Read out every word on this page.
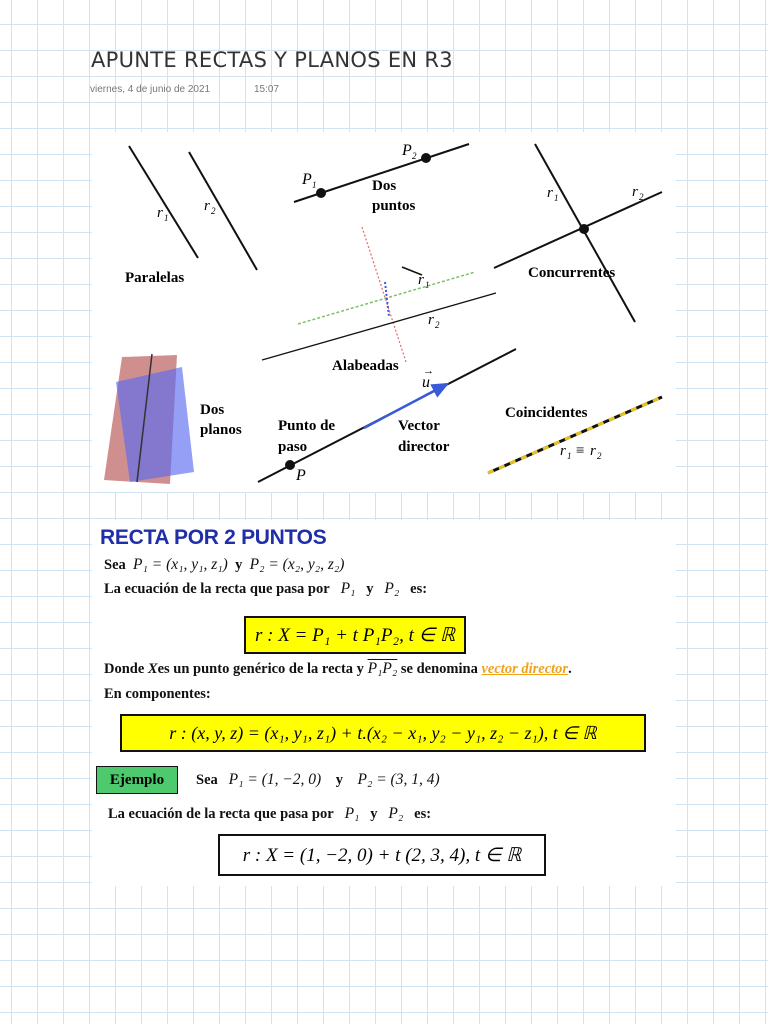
APUNTE RECTAS Y PLANOS EN R3
viernes, 4 de junio de 2021	15:07
r 1
r 2
Paralelas
P 1
P 2
Dos
puntos
r 1	r 2
Concurrentes
r 1
r 2
Alabeadas
Dos
planos
P
u
→
Punto de
paso
Vector
director
Coincidentes
r 1 ≡ r 2
RECTA POR 2 PUNTOS
Sea P₁ = (x₁, y₁, z₁) y P₂ = (x₂, y₂, z₂)
La ecuación de la recta que pasa por P₁ y P₂ es:
r : X = P₁ + t P₁P₂, t ∈ ℝ
Donde Xes un punto genérico de la recta y P₁P₂ se denomina vector director.
En componentes:
r : (x, y, z) = (x₁, y₁, z₁) + t.(x₂ − x₁, y₂ − y₁, z₂ − z₁), t ∈ ℝ
Ejemplo	Sea P₁ = (1, −2, 0) y P₂ = (3, 1, 4)
La ecuación de la recta que pasa por P₁ y P₂ es:
r : X = (1, −2, 0) + t (2, 3, 4), t ∈ ℝ
